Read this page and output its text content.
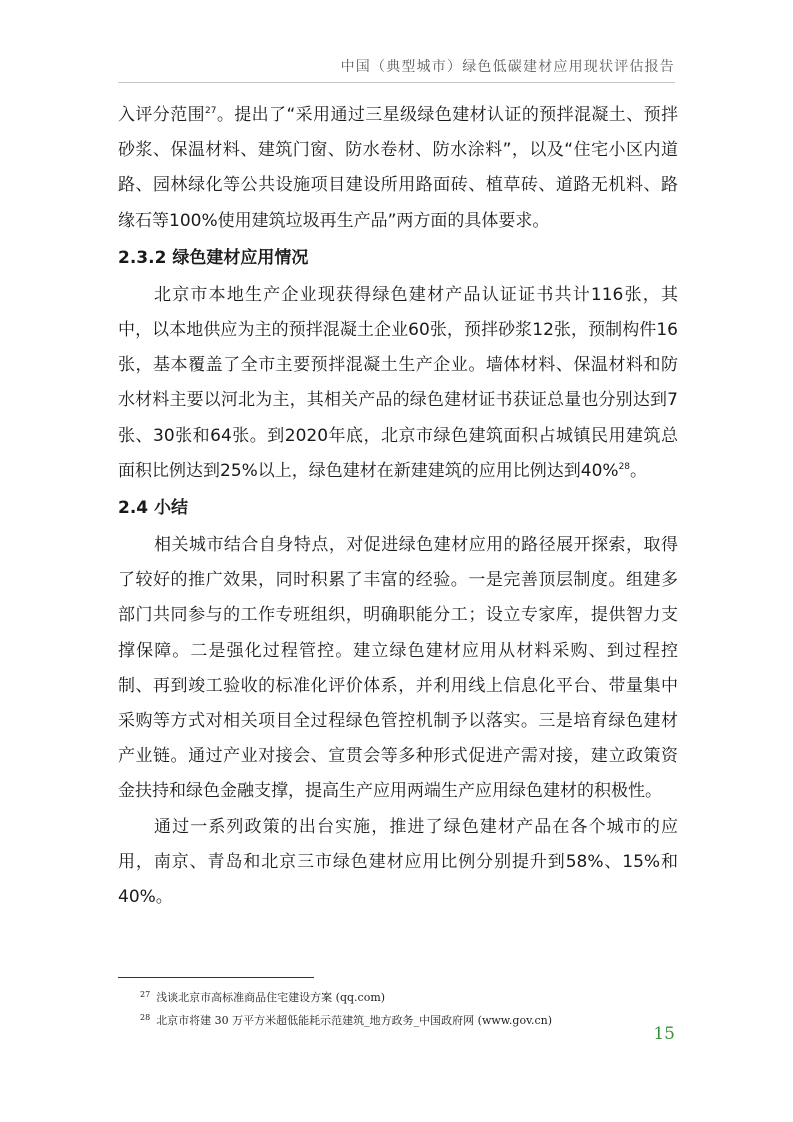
中国（典型城市）绿色低碳建材应用现状评估报告

入评分范围$^{27}$。提出了“采用通过三星级绿色建材认证的预拌混凝土、预拌砂浆、保温材料、建筑门窗、防水卷材、防水涂料”，以及“住宅小区内道路、园林绿化等公共设施项目建设所用路面砖、植草砖、道路无机料、路缘石等100%使用建筑垃圾再生产品”两方面的具体要求。

2.3.2 绿色建材应用情况

北京市本地生产企业现获得绿色建材产品认证证书共计116张，其中，以本地供应为主的预拌混凝土企业60张，预拌砂浆12张，预制构件16张，基本覆盖了全市主要预拌混凝土生产企业。墙体材料、保温材料和防水材料主要以河北为主，其相关产品的绿色建材证书获证总量也分别达到7张、30张和64张。到2020年底，北京市绿色建筑面积占城镇民用建筑总面积比例达到25%以上，绿色建材在新建建筑的应用比例达到40%$^{28}$。

2.4 小结

相关城市结合自身特点，对促进绿色建材应用的路径展开探索，取得了较好的推广效果，同时积累了丰富的经验。一是完善顶层制度。组建多部门共同参与的工作专班组织，明确职能分工；设立专家库，提供智力支撑保障。二是强化过程管控。建立绿色建材应用从材料采购、到过程控制、再到竣工验收的标准化评价体系，并利用线上信息化平台、带量集中采购等方式对相关项目全过程绿色管控机制予以落实。三是培育绿色建材产业链。通过产业对接会、宣贯会等多种形式促进产需对接，建立政策资金扶持和绿色金融支撑，提高生产应用两端生产应用绿色建材的积极性。

通过一系列政策的出台实施，推进了绿色建材产品在各个城市的应用，南京、青岛和北京三市绿色建材应用比例分别提升到58%、15%和40%。

$^{27}$ 浅谈北京市高标准商品住宅建设方案 (qq.com)
$^{28}$ 北京市将建 30 万平方米超低能耗示范建筑_地方政务_中国政府网 (www.gov.cn)
15
